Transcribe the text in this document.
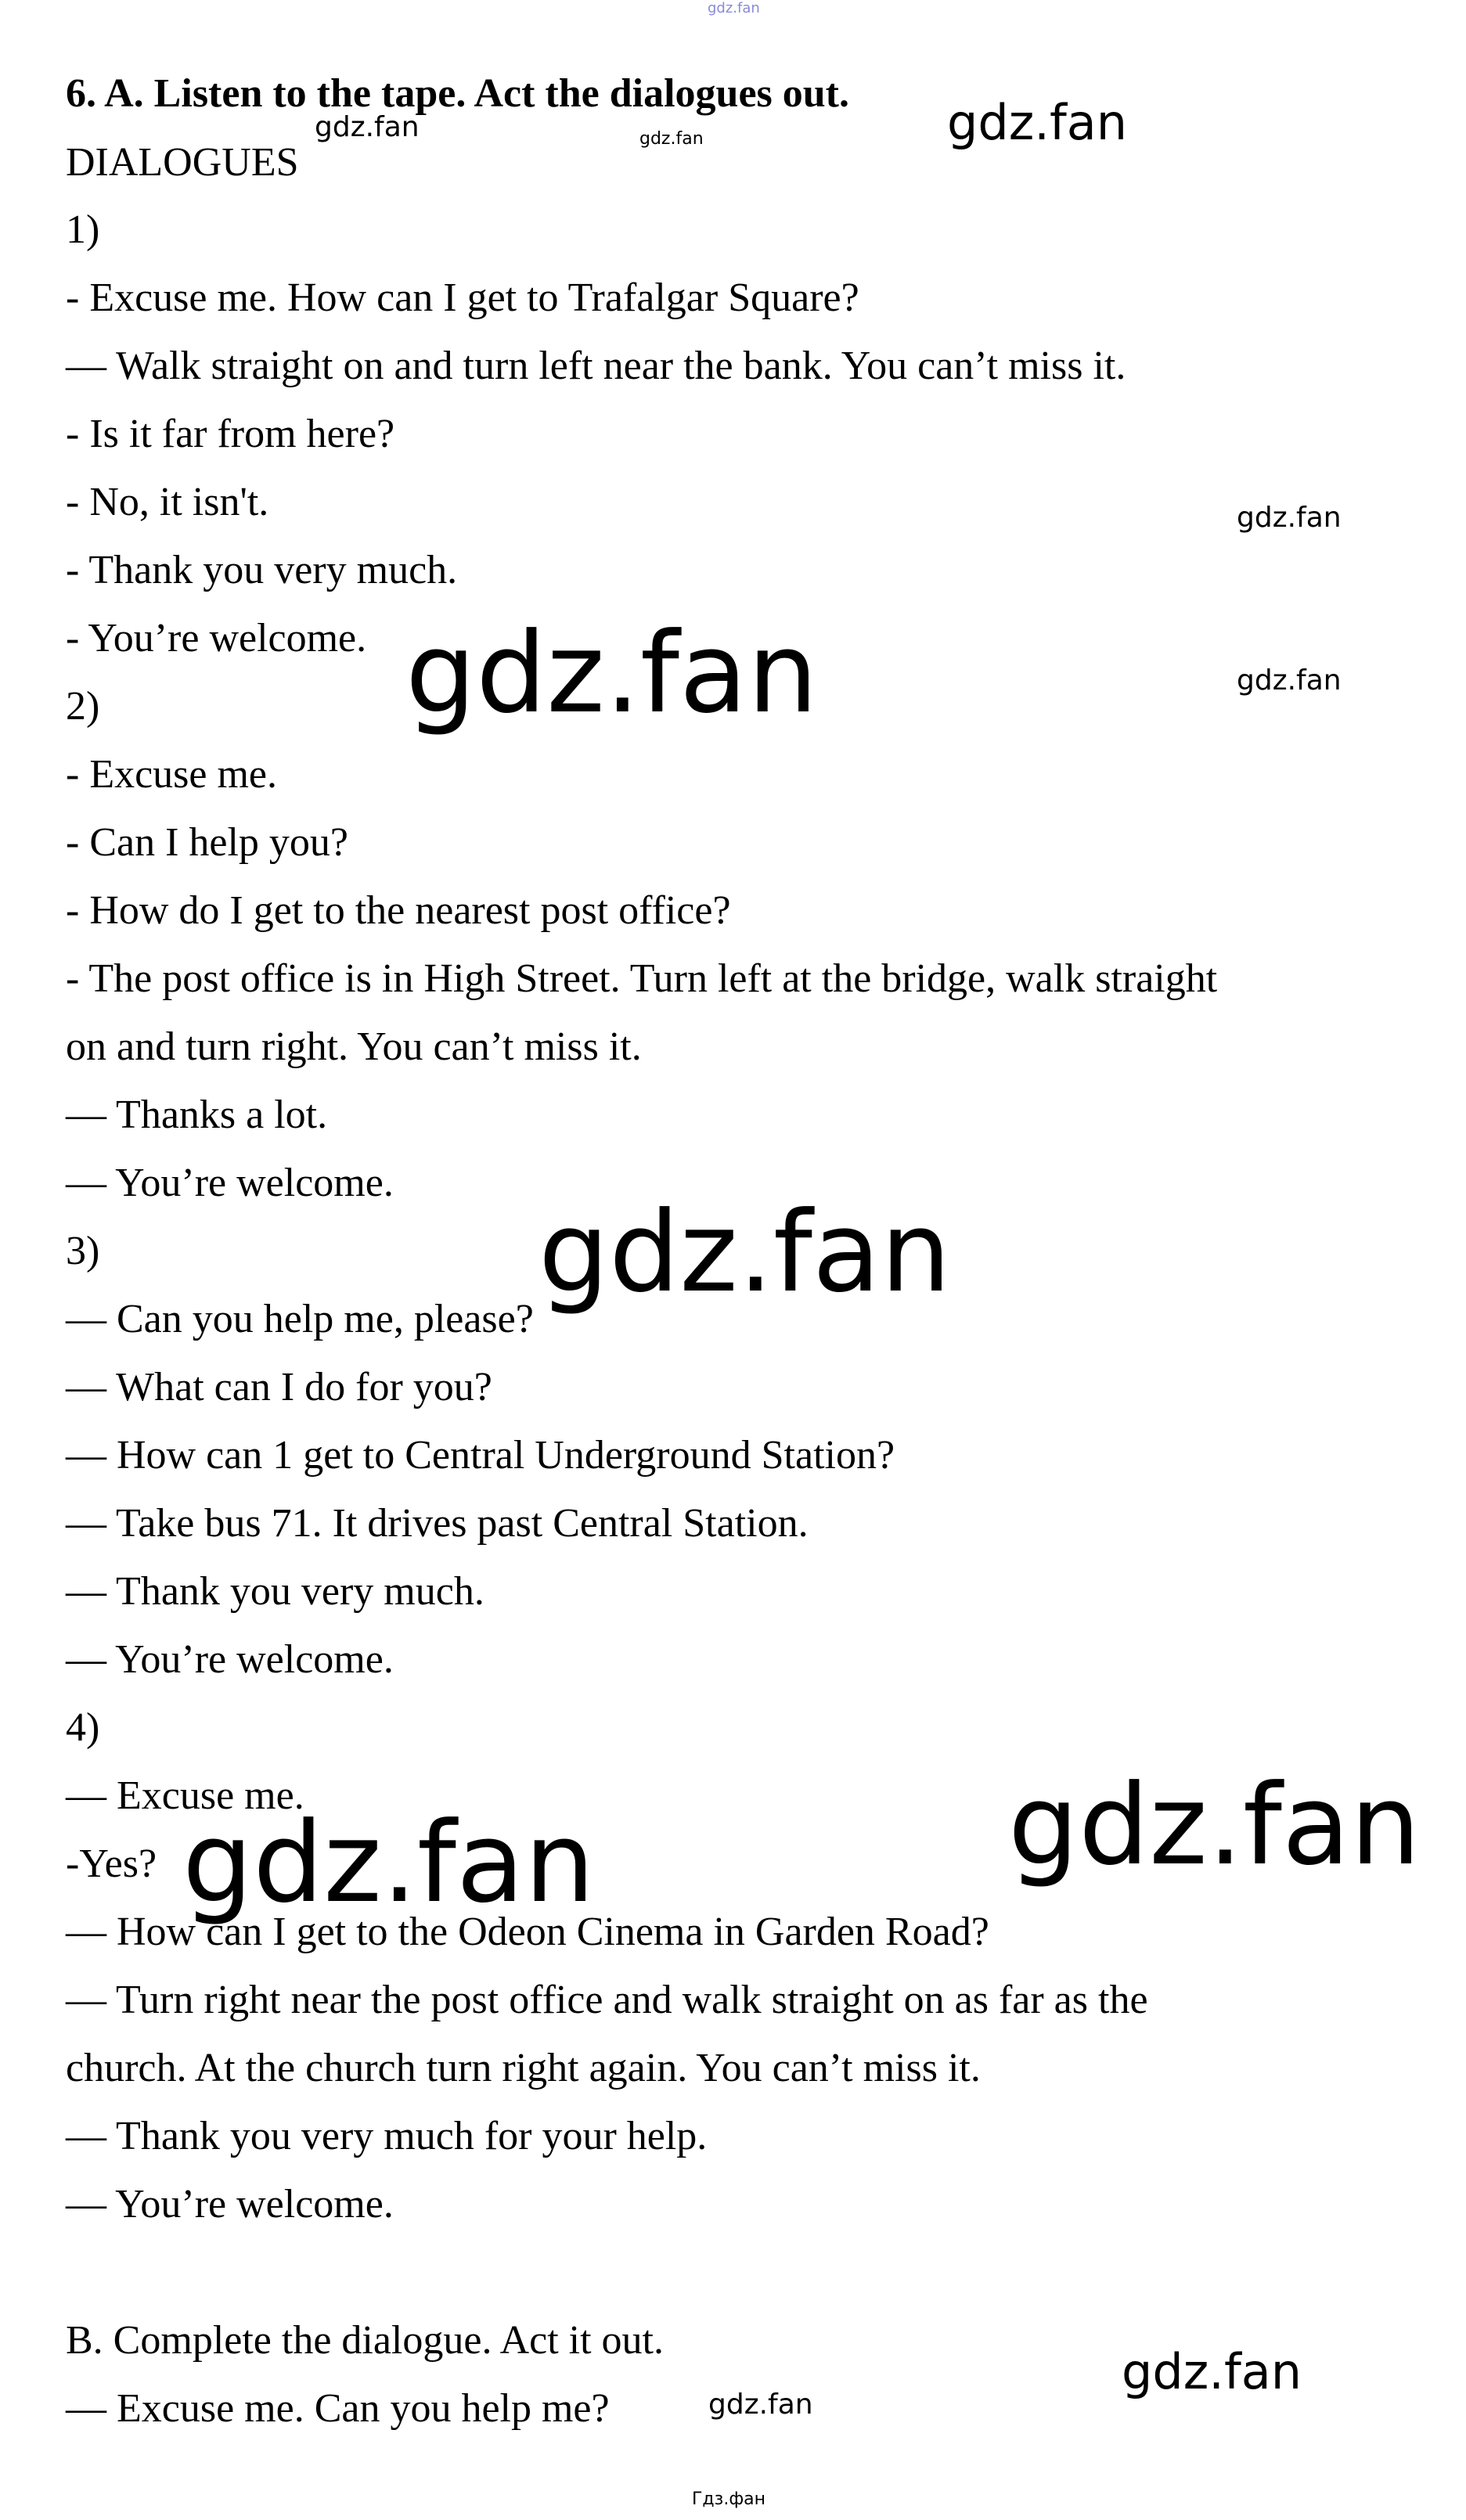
gdz.fan
6. A. Listen to the tape. Act the dialogues out.
DIALOGUES
1)
- Excuse me. How can I get to Trafalgar Square?
— Walk straight on and turn left near the bank. You can’t miss it.
- Is it far from here?
- No, it isn't.
- Thank you very much.
- You’re welcome.
2)
- Excuse me.
- Can I help you?
- How do I get to the nearest post office?
- The post office is in High Street. Turn left at the bridge, walk straight
on and turn right. You can’t miss it.
— Thanks a lot.
— You’re welcome.
3)
— Can you help me, please?
— What can I do for you?
— How can 1 get to Central Underground Station?
— Take bus 71. It drives past Central Station.
— Thank you very much.
— You’re welcome.
4)
— Excuse me.
-Yes?
— How can I get to the Odeon Cinema in Garden Road?
— Turn right near the post office and walk straight on as far as the
church. At the church turn right again. You can’t miss it.
— Thank you very much for your help.
— You’re welcome.
B. Complete the dialogue. Act it out.
— Excuse me. Can you help me?
gdz.fan
gdz.fan	gdz.fan
gdz.fan
gdz.fan	gdz.fan
gdz.fan
gdz.fan
gdz.fan
gdz.fan
gdz.fan
Гдз.фан
